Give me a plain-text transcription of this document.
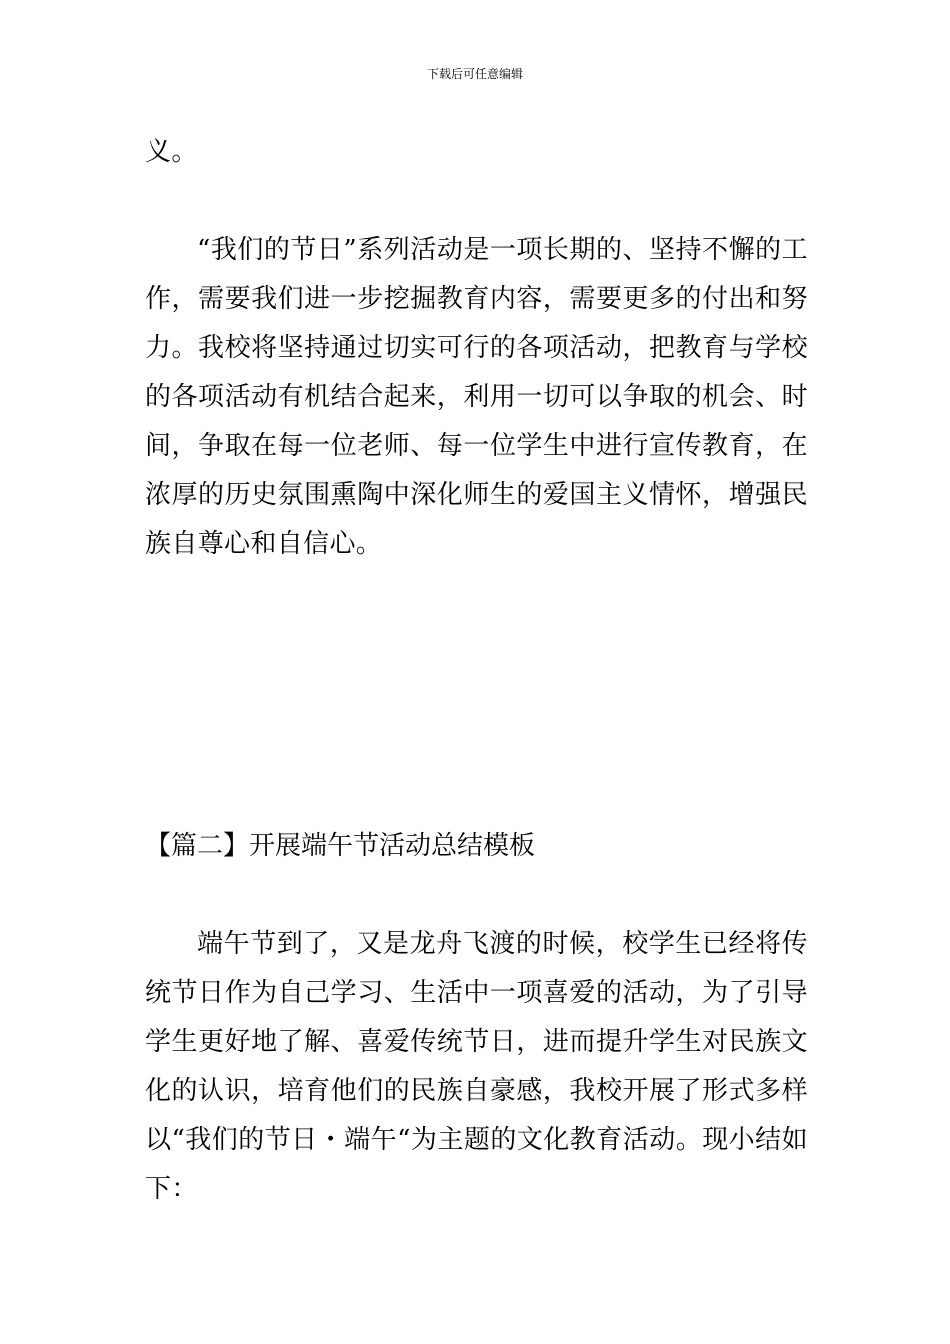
下载后可任意编辑

义。

“我们的节日”系列活动是一项长期的、坚持不懈的工作，需要我们进一步挖掘教育内容，需要更多的付出和努力。我校将坚持通过切实可行的各项活动，把教育与学校的各项活动有机结合起来，利用一切可以争取的机会、时间，争取在每一位老师、每一位学生中进行宣传教育，在浓厚的历史氛围熏陶中深化师生的爱国主义情怀，增强民族自尊心和自信心。

【篇二】开展端午节活动总结模板

端午节到了，又是龙舟飞渡的时候，校学生已经将传统节日作为自己学习、生活中一项喜爱的活动，为了引导学生更好地了解、喜爱传统节日，进而提升学生对民族文化的认识，培育他们的民族自豪感，我校开展了形式多样以“我们的节日・端午“为主题的文化教育活动。现小结如下：
